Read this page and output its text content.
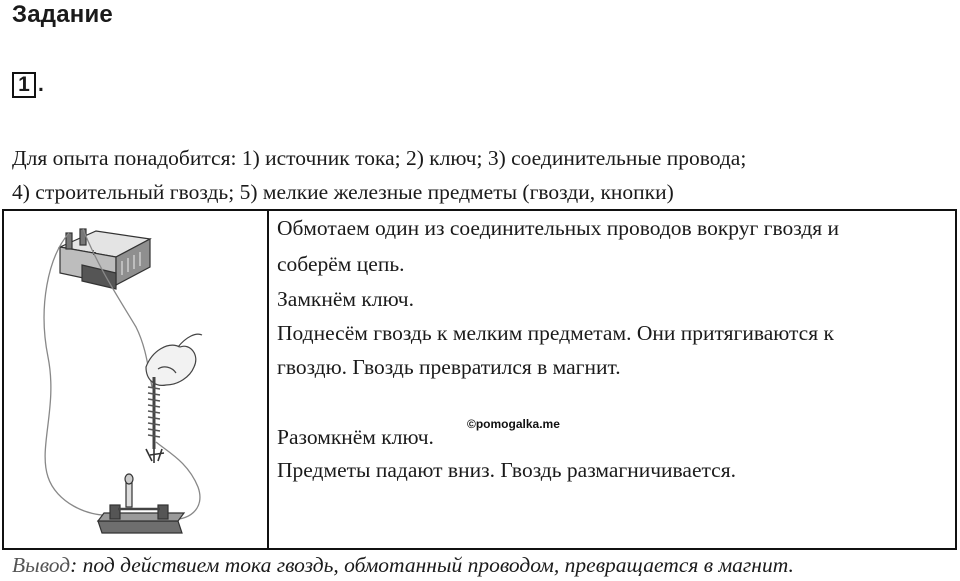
Задание
1 .
Для опыта понадобится: 1) источник тока; 2) ключ; 3) соединительные провода;
4) строительный гвоздь; 5) мелкие железные предметы (гвозди, кнопки)
+
Обмотаем один из соединительных проводов вокруг гвоздя и
соберём цепь.
Замкнём ключ.
Поднесём гвоздь к мелким предметам. Они притягиваются к
гвоздю. Гвоздь превратился в магнит.
Разомкнём ключ.
Предметы падают вниз. Гвоздь размагничивается.
©pomogalka.me
Вывод: под действием тока гвоздь, обмотанный проводом, превращается в магнит.
